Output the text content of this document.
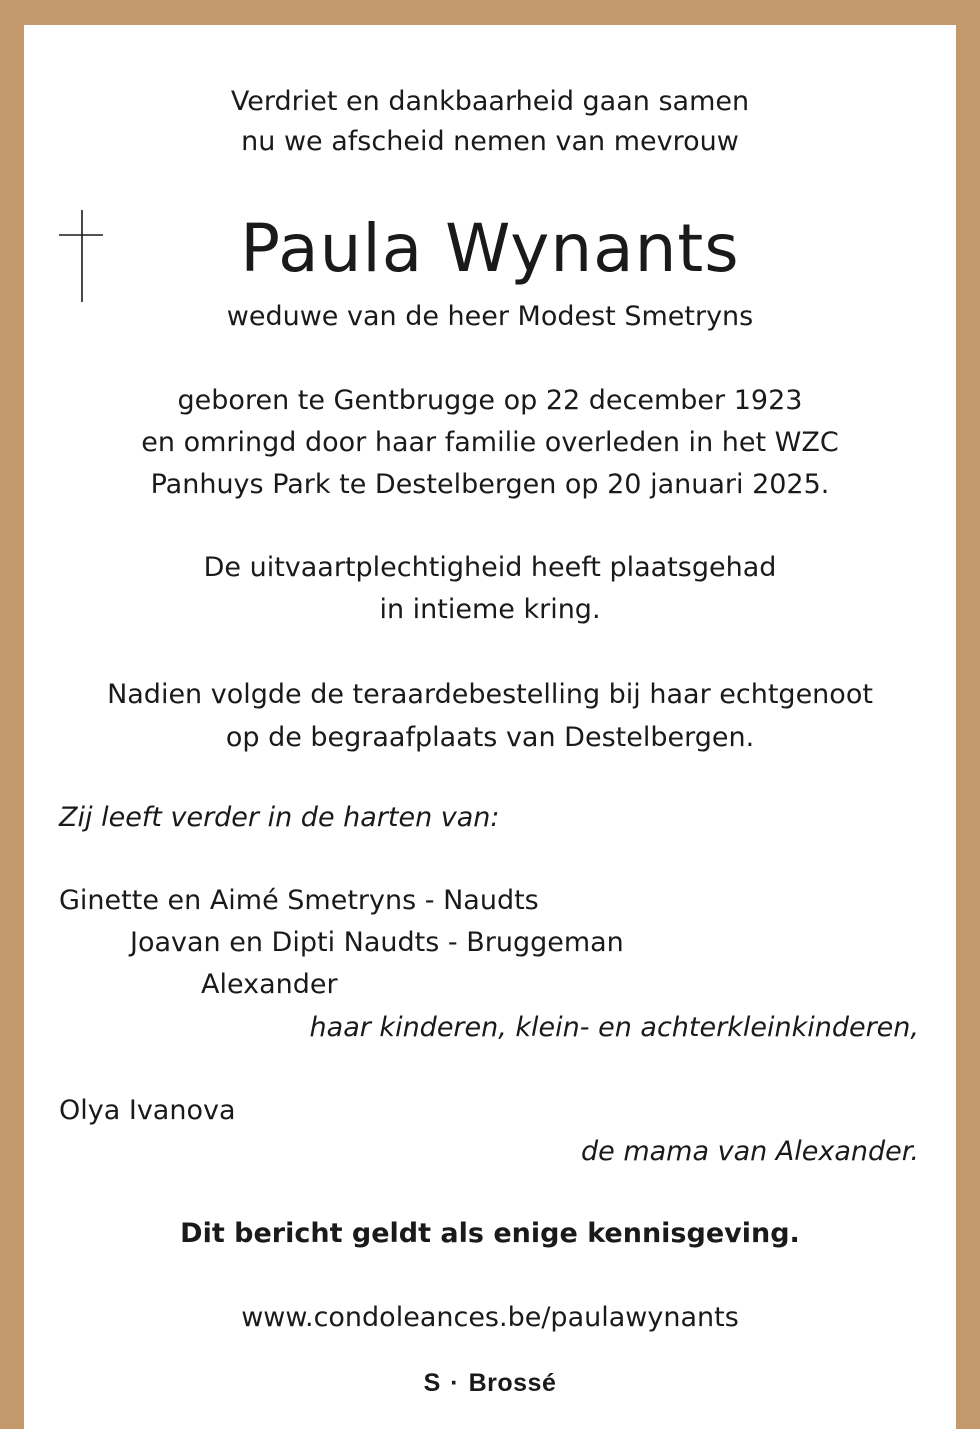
Verdriet en dankbaarheid gaan samen
nu we afscheid nemen van mevrouw
Paula Wynants
weduwe van de heer Modest Smetryns
geboren te Gentbrugge op 22 december 1923
en omringd door haar familie overleden in het WZC
Panhuys Park te Destelbergen op 20 januari 2025.
De uitvaartplechtigheid heeft plaatsgehad
in intieme kring.
Nadien volgde de teraardebestelling bij haar echtgenoot
op de begraafplaats van Destelbergen.
Zij leeft verder in de harten van:
Ginette en Aimé Smetryns - Naudts
Joavan en Dipti Naudts - Bruggeman
Alexander
haar kinderen, klein- en achterkleinkinderen,
Olya Ivanova
de mama van Alexander.
Dit bericht geldt als enige kennisgeving.
www.condoleances.be/paulawynants
S · Brossé
